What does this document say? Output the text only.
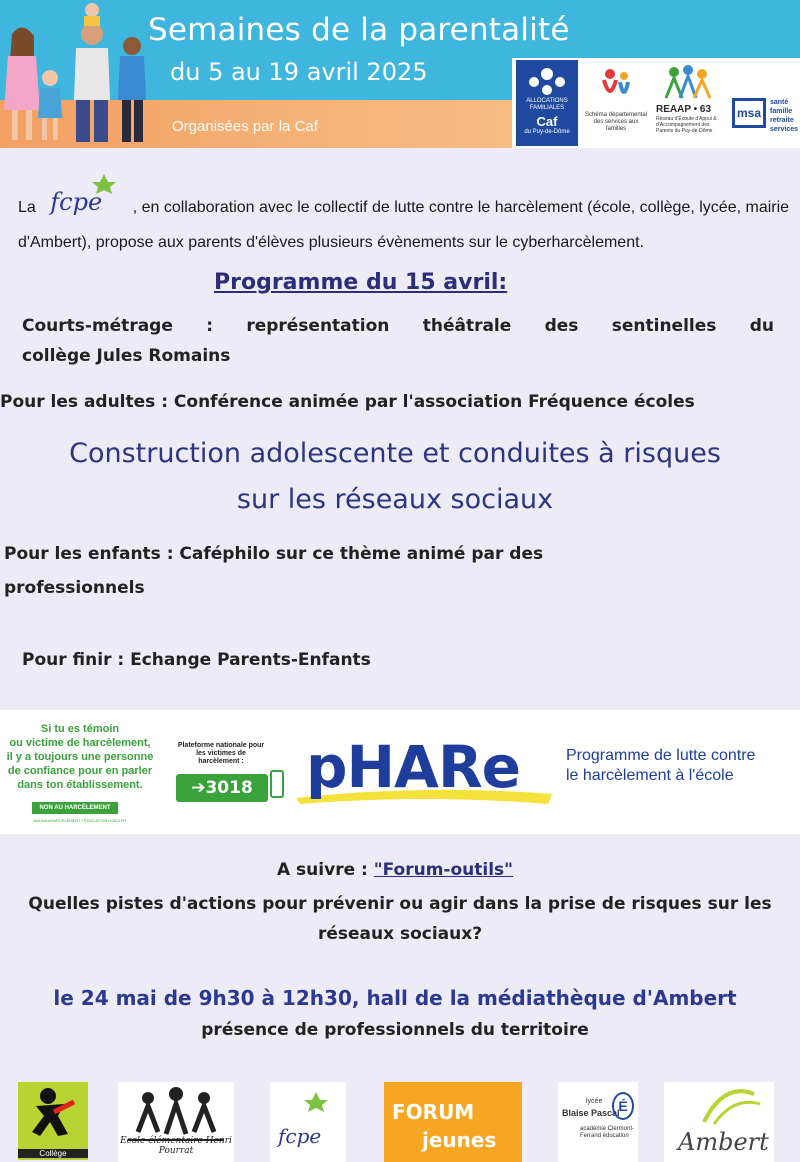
Semaines de la parentalité
du 5 au 19 avril 2025
Organisées par la Caf
ALLOCATIONS FAMILIALES
Caf
du Puy-de-Dôme
Schéma départemental des services aux familles
REAAP • 63
Réseau d'Écoute d'Appui & d'Accompagnement des Parents du Puy-de-Dôme
msa
santé famille retraite services
La fcpe , en collaboration avec le collectif de lutte contre le harcèlement (école, collège, lycée, mairie d'Ambert), propose aux parents d'élèves plusieurs évènements sur le cyberharcèlement.
Programme du 15 avril:
Courts-métrage : représentation théâtrale des sentinelles du
collège Jules Romains
Pour les adultes : Conférence animée par l'association Fréquence écoles
Construction adolescente et conduites à risques
sur les réseaux sociaux
Pour les enfants : Caféphilo sur ce thème animé par des
professionnels
Pour finir : Echange Parents-Enfants
Si tu es témoin
ou victime de harcèlement,
il y a toujours une personne
de confiance pour en parler
dans ton établissement.
NON AU HARCÈLEMENT
#NONAUHARCELEMENT / ÉDUCATION.GOUV.FR
Plateforme nationale pour les victimes de harcèlement :
➔3018 pHARe	Programme de lutte contre
le harcèlement à l'école
A suivre : "Forum-outils"
Quelles pistes d'actions pour prévenir ou agir dans la prise de risques sur les
réseaux sociaux?
le 24 mai de 9h30 à 12h30, hall de la médiathèque d'Ambert
présence de professionnels du territoire
Collège
Ecole élémentaire Henri Pourrat
fcpe
FORUM
jeunes
lycée
Blaise Pascal
académie Clermont-Ferrand éducation
É
Ambert
